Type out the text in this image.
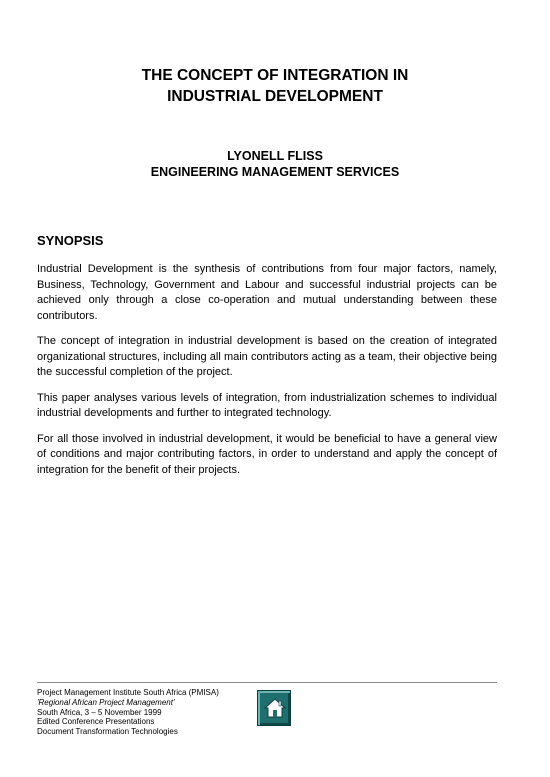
THE CONCEPT OF INTEGRATION IN
INDUSTRIAL DEVELOPMENT
LYONELL FLISS
ENGINEERING MANAGEMENT SERVICES
SYNOPSIS

Industrial Development is the synthesis of contributions from four major factors, namely, Business, Technology, Government and Labour and successful industrial projects can be achieved only through a close co-operation and mutual understanding between these contributors.

The concept of integration in industrial development is based on the creation of integrated organizational structures, including all main contributors acting as a team, their objective being the successful completion of the project.

This paper analyses various levels of integration, from industrialization schemes to individual industrial developments and further to integrated technology.

For all those involved in industrial development, it would be beneficial to have a general view of conditions and major contributing factors, in order to understand and apply the concept of integration for the benefit of their projects.

Project Management Institute South Africa (PMISA)
'Regional African Project Management'
South Africa, 3 – 5 November 1999
Edited Conference Presentations
Document Transformation Technologies
